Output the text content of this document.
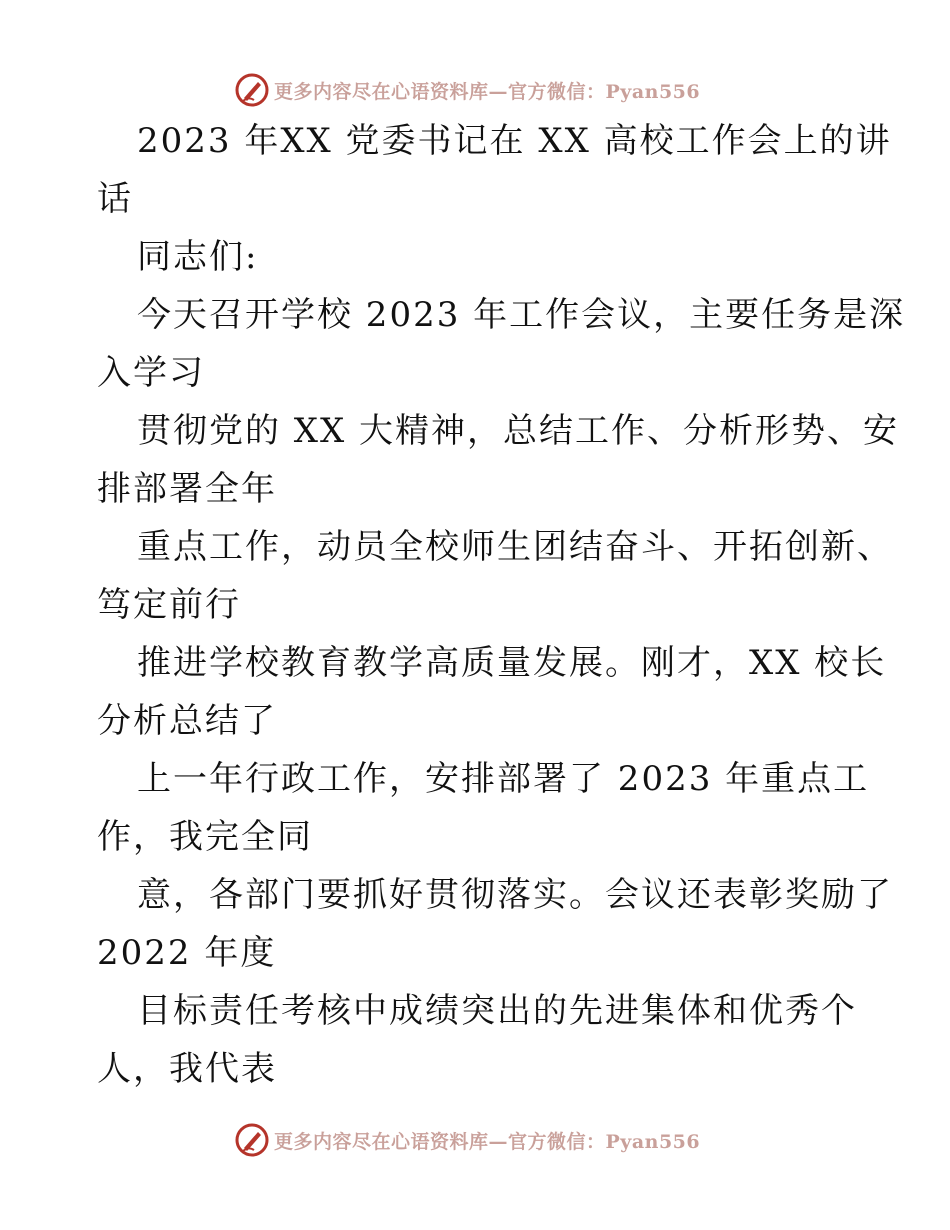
更多内容尽在心语资料库—官方微信：Pyan556
2023 年XX 党委书记在 XX 高校工作会上的讲
话
同志们:
今天召开学校 2023 年工作会议，主要任务是深
入学习
贯彻党的 XX 大精神，总结工作、分析形势、安
排部署全年
重点工作，动员全校师生团结奋斗、开拓创新、
笃定前行
推进学校教育教学高质量发展。刚才，XX 校长
分析总结了
上一年行政工作，安排部署了 2023 年重点工
作，我完全同
意，各部门要抓好贯彻落实。会议还表彰奖励了
2022 年度
目标责任考核中成绩突出的先进集体和优秀个
人，我代表
更多内容尽在心语资料库—官方微信：Pyan556
